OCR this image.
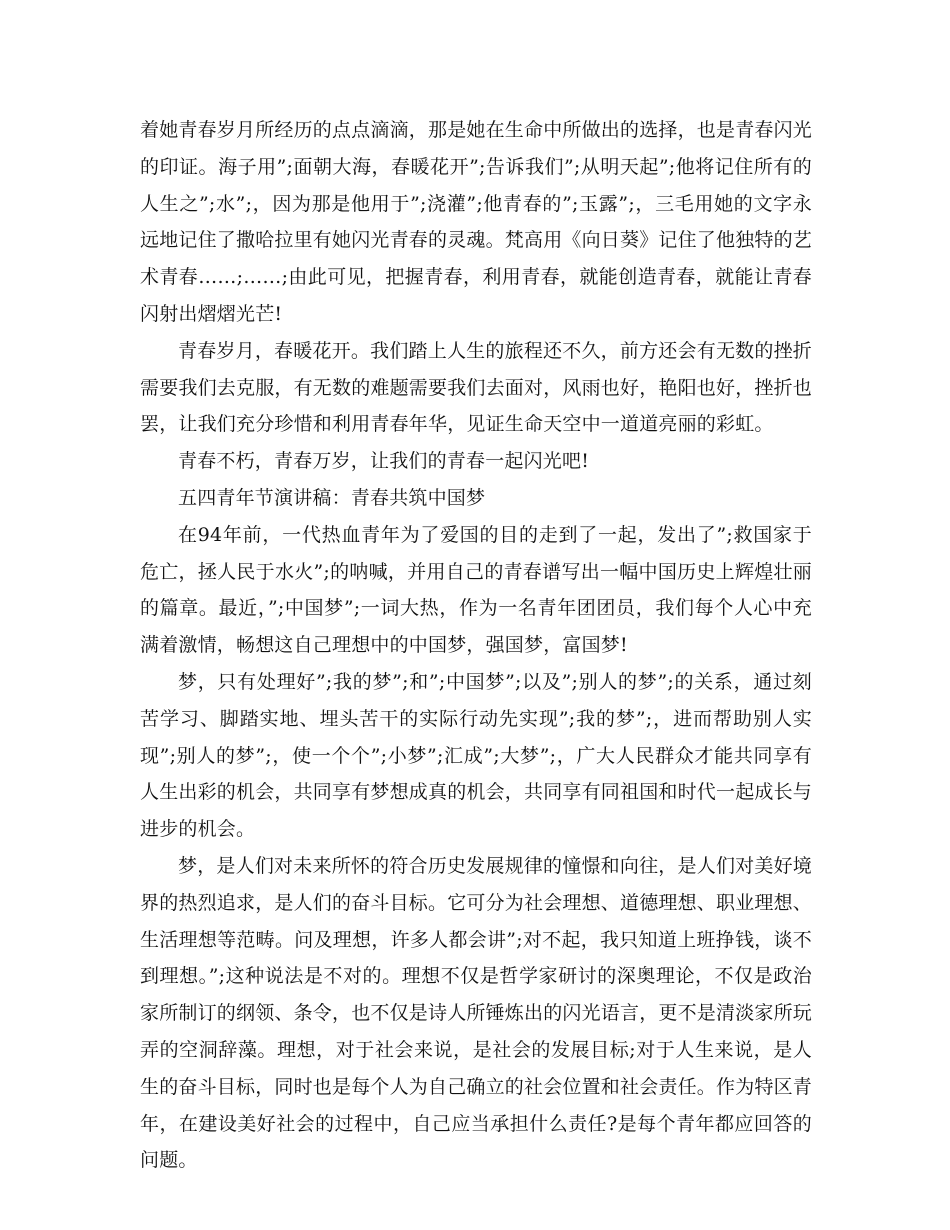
着她青春岁月所经历的点点滴滴，那是她在生命中所做出的选择，也是青春闪光的印证。海子用”;面朝大海，春暖花开”;告诉我们”;从明天起”;他将记住所有的人生之”;水”;，因为那是他用于”;浇灌”;他青春的”;玉露”;，三毛用她的文字永远地记住了撒哈拉里有她闪光青春的灵魂。梵高用《向日葵》记住了他独特的艺术青春……;……;由此可见，把握青春，利用青春，就能创造青春，就能让青春闪射出熠熠光芒!

青春岁月，春暖花开。我们踏上人生的旅程还不久，前方还会有无数的挫折需要我们去克服，有无数的难题需要我们去面对，风雨也好，艳阳也好，挫折也罢，让我们充分珍惜和利用青春年华，见证生命天空中一道道亮丽的彩虹。

青春不朽，青春万岁，让我们的青春一起闪光吧!

五四青年节演讲稿：青春共筑中国梦

在94年前，一代热血青年为了爱国的目的走到了一起，发出了”;救国家于危亡，拯人民于水火”;的呐喊，并用自己的青春谱写出一幅中国历史上辉煌壮丽的篇章。最近，”;中国梦”;一词大热，作为一名青年团团员，我们每个人心中充满着激情，畅想这自己理想中的中国梦，强国梦，富国梦!

梦，只有处理好”;我的梦”;和”;中国梦”;以及”;别人的梦”;的关系，通过刻苦学习、脚踏实地、埋头苦干的实际行动先实现”;我的梦”;，进而帮助别人实现”;别人的梦”;，使一个个”;小梦”;汇成”;大梦”;，广大人民群众才能共同享有人生出彩的机会，共同享有梦想成真的机会，共同享有同祖国和时代一起成长与进步的机会。

梦，是人们对未来所怀的符合历史发展规律的憧憬和向往，是人们对美好境界的热烈追求，是人们的奋斗目标。它可分为社会理想、道德理想、职业理想、生活理想等范畴。问及理想，许多人都会讲”;对不起，我只知道上班挣钱，谈不到理想。”;这种说法是不对的。理想不仅是哲学家研讨的深奥理论，不仅是政治家所制订的纲领、条令，也不仅是诗人所锤炼出的闪光语言，更不是清淡家所玩弄的空洞辞藻。理想，对于社会来说，是社会的发展目标;对于人生来说，是人生的奋斗目标，同时也是每个人为自己确立的社会位置和社会责任。作为特区青年，在建设美好社会的过程中，自己应当承担什么责任?是每个青年都应回答的问题。
